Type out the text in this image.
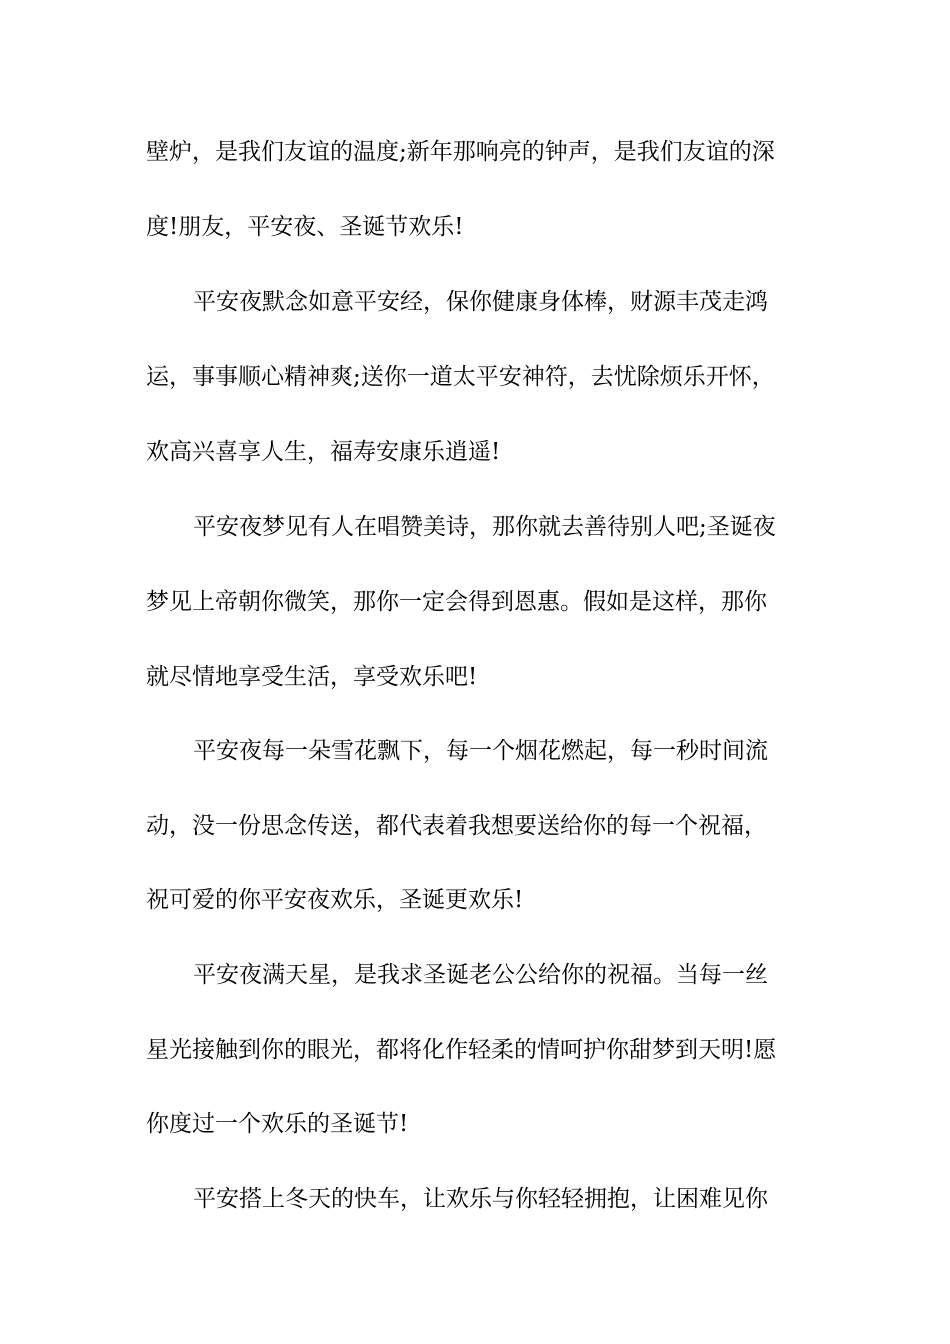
壁炉，是我们友谊的温度;新年那响亮的钟声，是我们友谊的深
度!朋友，平安夜、圣诞节欢乐!
平安夜默念如意平安经，保你健康身体棒，财源丰茂走鸿
运，事事顺心精神爽;送你一道太平安神符，去忧除烦乐开怀，
欢高兴喜享人生，福寿安康乐逍遥!
平安夜梦见有人在唱赞美诗，那你就去善待别人吧;圣诞夜
梦见上帝朝你微笑，那你一定会得到恩惠。假如是这样，那你
就尽情地享受生活，享受欢乐吧!
平安夜每一朵雪花飘下，每一个烟花燃起，每一秒时间流
动，没一份思念传送，都代表着我想要送给你的每一个祝福，
祝可爱的你平安夜欢乐，圣诞更欢乐!
平安夜满天星，是我求圣诞老公公给你的祝福。当每一丝
星光接触到你的眼光，都将化作轻柔的情呵护你甜梦到天明!愿
你度过一个欢乐的圣诞节!
平安搭上冬天的快车，让欢乐与你轻轻拥抱，让困难见你
